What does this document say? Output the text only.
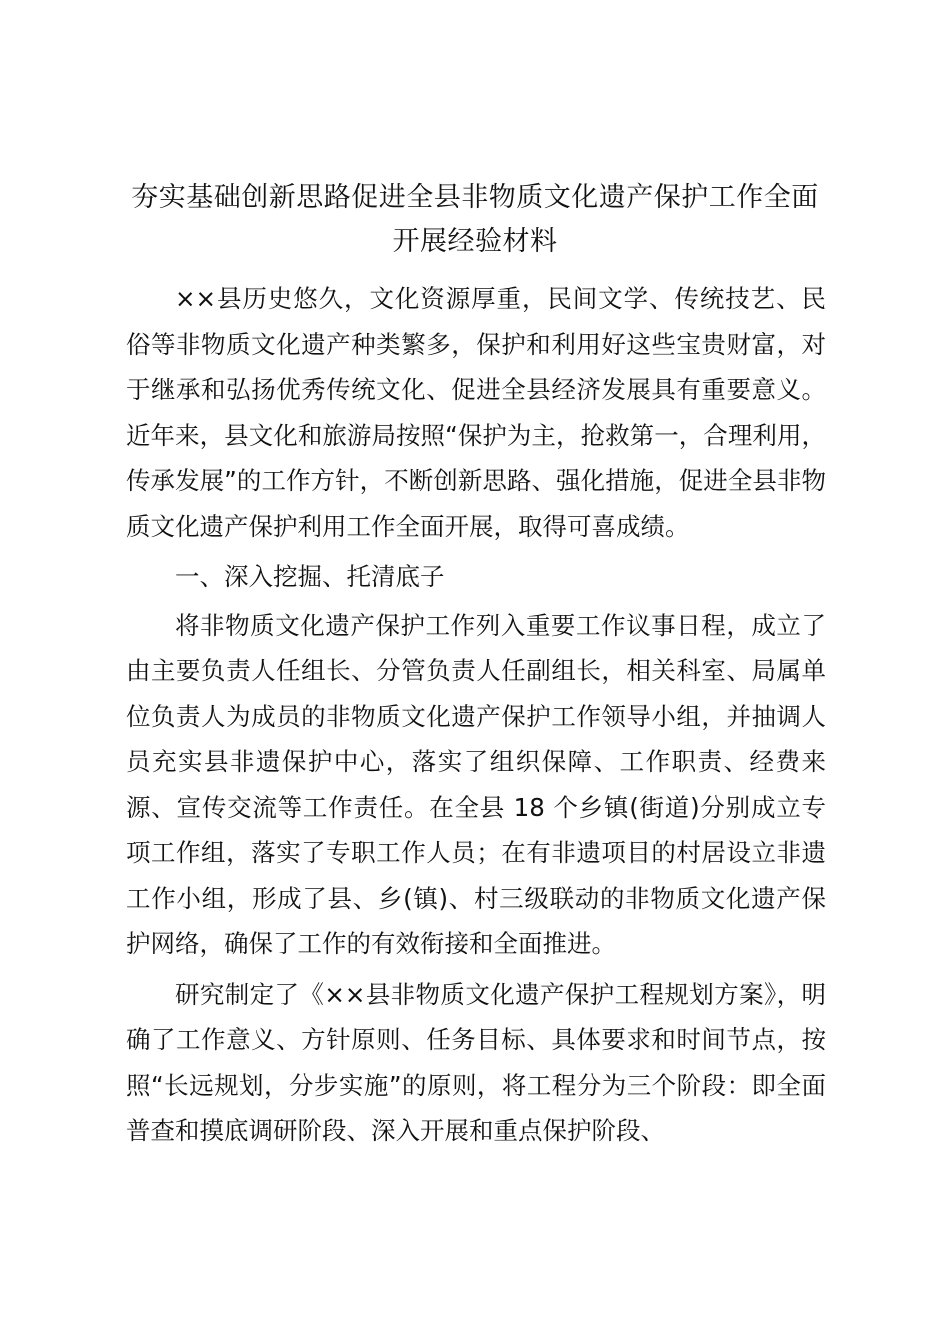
夯实基础创新思路促进全县非物质文化遗产保护工作全面开展经验材料

××县历史悠久，文化资源厚重，民间文学、传统技艺、民俗等非物质文化遗产种类繁多，保护和利用好这些宝贵财富，对于继承和弘扬优秀传统文化、促进全县经济发展具有重要意义。近年来，县文化和旅游局按照“保护为主，抢救第一，合理利用，传承发展”的工作方针，不断创新思路、强化措施，促进全县非物质文化遗产保护利用工作全面开展，取得可喜成绩。

一、深入挖掘、托清底子

将非物质文化遗产保护工作列入重要工作议事日程，成立了由主要负责人任组长、分管负责人任副组长，相关科室、局属单位负责人为成员的非物质文化遗产保护工作领导小组，并抽调人员充实县非遗保护中心，落实了组织保障、工作职责、经费来源、宣传交流等工作责任。在全县 18 个乡镇(街道)分别成立专项工作组，落实了专职工作人员；在有非遗项目的村居设立非遗工作小组，形成了县、乡(镇)、村三级联动的非物质文化遗产保护网络，确保了工作的有效衔接和全面推进。

研究制定了《××县非物质文化遗产保护工程规划方案》，明确了工作意义、方针原则、任务目标、具体要求和时间节点，按照“长远规划，分步实施”的原则，将工程分为三个阶段：即全面普查和摸底调研阶段、深入开展和重点保护阶段、
